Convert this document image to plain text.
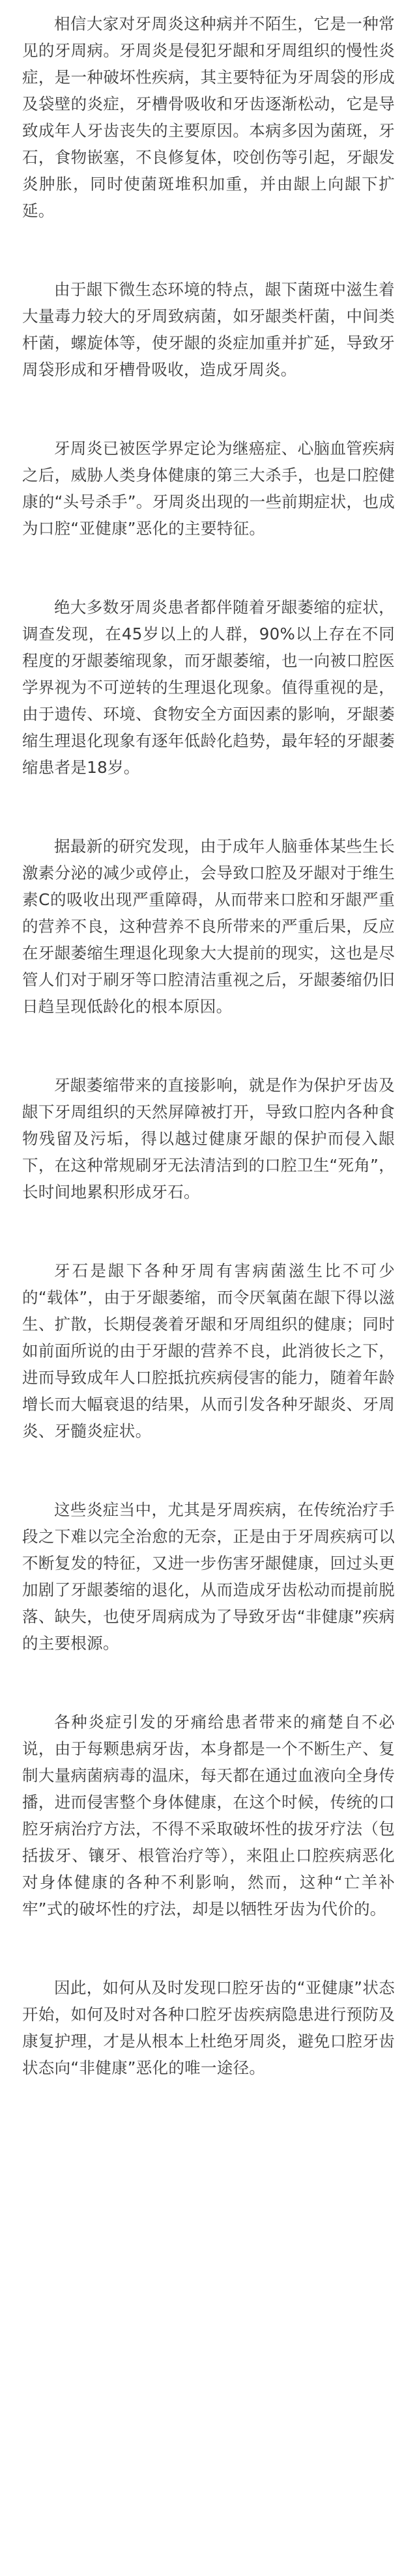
相信大家对牙周炎这种病并不陌生，它是一种常见的牙周病。牙周炎是侵犯牙龈和牙周组织的慢性炎症，是一种破坏性疾病，其主要特征为牙周袋的形成及袋壁的炎症，牙槽骨吸收和牙齿逐渐松动，它是导致成年人牙齿丧失的主要原因。本病多因为菌斑，牙石，食物嵌塞，不良修复体，咬创伤等引起，牙龈发炎肿胀，同时使菌斑堆积加重，并由龈上向龈下扩延。

由于龈下微生态环境的特点，龈下菌斑中滋生着大量毒力较大的牙周致病菌，如牙龈类杆菌，中间类杆菌，螺旋体等，使牙龈的炎症加重并扩延，导致牙周袋形成和牙槽骨吸收，造成牙周炎。

牙周炎已被医学界定论为继癌症、心脑血管疾病之后，威胁人类身体健康的第三大杀手，也是口腔健康的“头号杀手”。牙周炎出现的一些前期症状，也成为口腔“亚健康”恶化的主要特征。

绝大多数牙周炎患者都伴随着牙龈萎缩的症状，调查发现，在45岁以上的人群，90%以上存在不同程度的牙龈萎缩现象，而牙龈萎缩，也一向被口腔医学界视为不可逆转的生理退化现象。值得重视的是，由于遗传、环境、食物安全方面因素的影响，牙龈萎缩生理退化现象有逐年低龄化趋势，最年轻的牙龈萎缩患者是18岁。

据最新的研究发现，由于成年人脑垂体某些生长激素分泌的减少或停止，会导致口腔及牙龈对于维生素C的吸收出现严重障碍，从而带来口腔和牙龈严重的营养不良，这种营养不良所带来的严重后果，反应在牙龈萎缩生理退化现象大大提前的现实，这也是尽管人们对于刷牙等口腔清洁重视之后，牙龈萎缩仍旧日趋呈现低龄化的根本原因。

牙龈萎缩带来的直接影响，就是作为保护牙齿及龈下牙周组织的天然屏障被打开，导致口腔内各种食物残留及污垢，得以越过健康牙龈的保护而侵入龈下，在这种常规刷牙无法清洁到的口腔卫生“死角”，长时间地累积形成牙石。

牙石是龈下各种牙周有害病菌滋生比不可少的“载体”，由于牙龈萎缩，而令厌氧菌在龈下得以滋生、扩散，长期侵袭着牙龈和牙周组织的健康；同时如前面所说的由于牙龈的营养不良，此消彼长之下，进而导致成年人口腔抵抗疾病侵害的能力，随着年龄增长而大幅衰退的结果，从而引发各种牙龈炎、牙周炎、牙髓炎症状。

这些炎症当中，尤其是牙周疾病，在传统治疗手段之下难以完全治愈的无奈，正是由于牙周疾病可以不断复发的特征，又进一步伤害牙龈健康，回过头更加剧了牙龈萎缩的退化，从而造成牙齿松动而提前脱落、缺失，也使牙周病成为了导致牙齿“非健康”疾病的主要根源。

各种炎症引发的牙痛给患者带来的痛楚自不必说，由于每颗患病牙齿，本身都是一个不断生产、复制大量病菌病毒的温床，每天都在通过血液向全身传播，进而侵害整个身体健康，在这个时候，传统的口腔牙病治疗方法，不得不采取破坏性的拔牙疗法（包括拔牙、镶牙、根管治疗等），来阻止口腔疾病恶化对身体健康的各种不利影响，然而，这种“亡羊补牢”式的破坏性的疗法，却是以牺牲牙齿为代价的。

因此，如何从及时发现口腔牙齿的“亚健康”状态开始，如何及时对各种口腔牙齿疾病隐患进行预防及康复护理，才是从根本上杜绝牙周炎，避免口腔牙齿状态向“非健康”恶化的唯一途径。
